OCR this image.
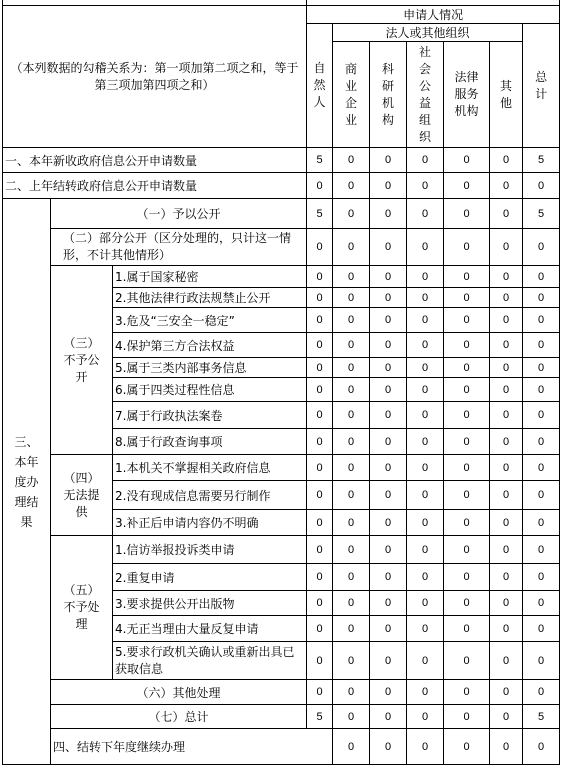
（本列数据的勾稽关系为：第一项加第二项之和，等于第三项加第四项之和）			申请人情况							
			自然人	法人或其他组织					总计	
				商业企业	科研机构	社会公益组织	法律服务机构	其他		
一、本年新收政府信息公开申请数量			5	0	0	0	0	0	5	
二、上年结转政府信息公开申请数量			0	0	0	0	0	0	0	
三、本年度办理结果	（一）予以公开		5	0	0	0	0	0	5	
	（二）部分公开（区分处理的，只计这一情形，不计其他情形）		0	0	0	0	0	0	0	
	（三）不予公开	1.属于国家秘密	0	0	0	0	0	0	0	
		2.其他法律行政法规禁止公开	0	0	0	0	0	0	0	
		3.危及“三安全一稳定”	0	0	0	0	0	0	0	
		4.保护第三方合法权益	0	0	0	0	0	0	0	
		5.属于三类内部事务信息	0	0	0	0	0	0	0	
		6.属于四类过程性信息	0	0	0	0	0	0	0	
		7.属于行政执法案卷	0	0	0	0	0	0	0	
		8.属于行政查询事项	0	0	0	0	0	0	0	
	（四）无法提供	1.本机关不掌握相关政府信息	0	0	0	0	0	0	0	
		2.没有现成信息需要另行制作	0	0	0	0	0	0	0	
		3.补正后申请内容仍不明确	0	0	0	0	0	0	0	
	（五）不予处理	1.信访举报投诉类申请	0	0	0	0	0	0	0	
		2.重复申请	0	0	0	0	0	0	0	
		3.要求提供公开出版物	0	0	0	0	0	0	0	
		4.无正当理由大量反复申请	0	0	0	0	0	0	0	
		5.要求行政机关确认或重新出具已获取信息	0	0	0	0	0	0	0	
	（六）其他处理		0	0	0	0	0	0	0	
	（七）总计		5	0	0	0	0	0	5	
	四、结转下年度继续办理			0	0	0	0	0	0	
